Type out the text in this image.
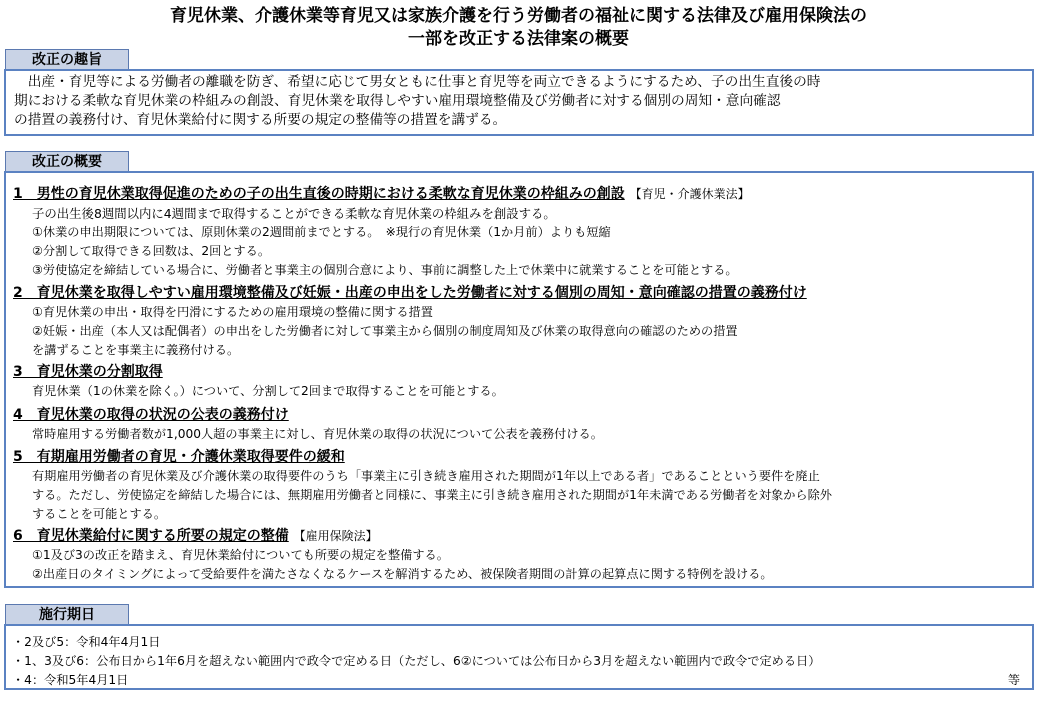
育児休業、介護休業等育児又は家族介護を行う労働者の福祉に関する法律及び雇用保険法の
一部を改正する法律案の概要
改正の趣旨
　出産・育児等による労働者の離職を防ぎ、希望に応じて男女ともに仕事と育児等を両立できるようにするため、子の出生直後の時
期における柔軟な育児休業の枠組みの創設、育児休業を取得しやすい雇用環境整備及び労働者に対する個別の周知・意向確認
の措置の義務付け、育児休業給付に関する所要の規定の整備等の措置を講ずる。
改正の概要
1　男性の育児休業取得促進のための子の出生直後の時期における柔軟な育児休業の枠組みの創設 【育児・介護休業法】
子の出生後8週間以内に4週間まで取得することができる柔軟な育児休業の枠組みを創設する。
①休業の申出期限については、原則休業の2週間前までとする。　※現行の育児休業（1か月前）よりも短縮
②分割して取得できる回数は、2回とする。
③労使協定を締結している場合に、労働者と事業主の個別合意により、事前に調整した上で休業中に就業することを可能とする。
2　育児休業を取得しやすい雇用環境整備及び妊娠・出産の申出をした労働者に対する個別の周知・意向確認の措置の義務付け
①育児休業の申出・取得を円滑にするための雇用環境の整備に関する措置
②妊娠・出産（本人又は配偶者）の申出をした労働者に対して事業主から個別の制度周知及び休業の取得意向の確認のための措置
を講ずることを事業主に義務付ける。
3　育児休業の分割取得
育児休業（1の休業を除く。）について、分割して2回まで取得することを可能とする。
4　育児休業の取得の状況の公表の義務付け
常時雇用する労働者数が1,000人超の事業主に対し、育児休業の取得の状況について公表を義務付ける。
5　有期雇用労働者の育児・介護休業取得要件の緩和
有期雇用労働者の育児休業及び介護休業の取得要件のうち「事業主に引き続き雇用された期間が1年以上である者」であることという要件を廃止
する。ただし、労使協定を締結した場合には、無期雇用労働者と同様に、事業主に引き続き雇用された期間が1年未満である労働者を対象から除外
することを可能とする。
6　育児休業給付に関する所要の規定の整備 【雇用保険法】
①1及び3の改正を踏まえ、育児休業給付についても所要の規定を整備する。
②出産日のタイミングによって受給要件を満たさなくなるケースを解消するため、被保険者期間の計算の起算点に関する特例を設ける。
施行期日
・2及び5：令和4年4月1日
・1、3及び6：公布日から1年6月を超えない範囲内で政令で定める日（ただし、6②については公布日から3月を超えない範囲内で政令で定める日）
・4：令和5年4月1日	等
